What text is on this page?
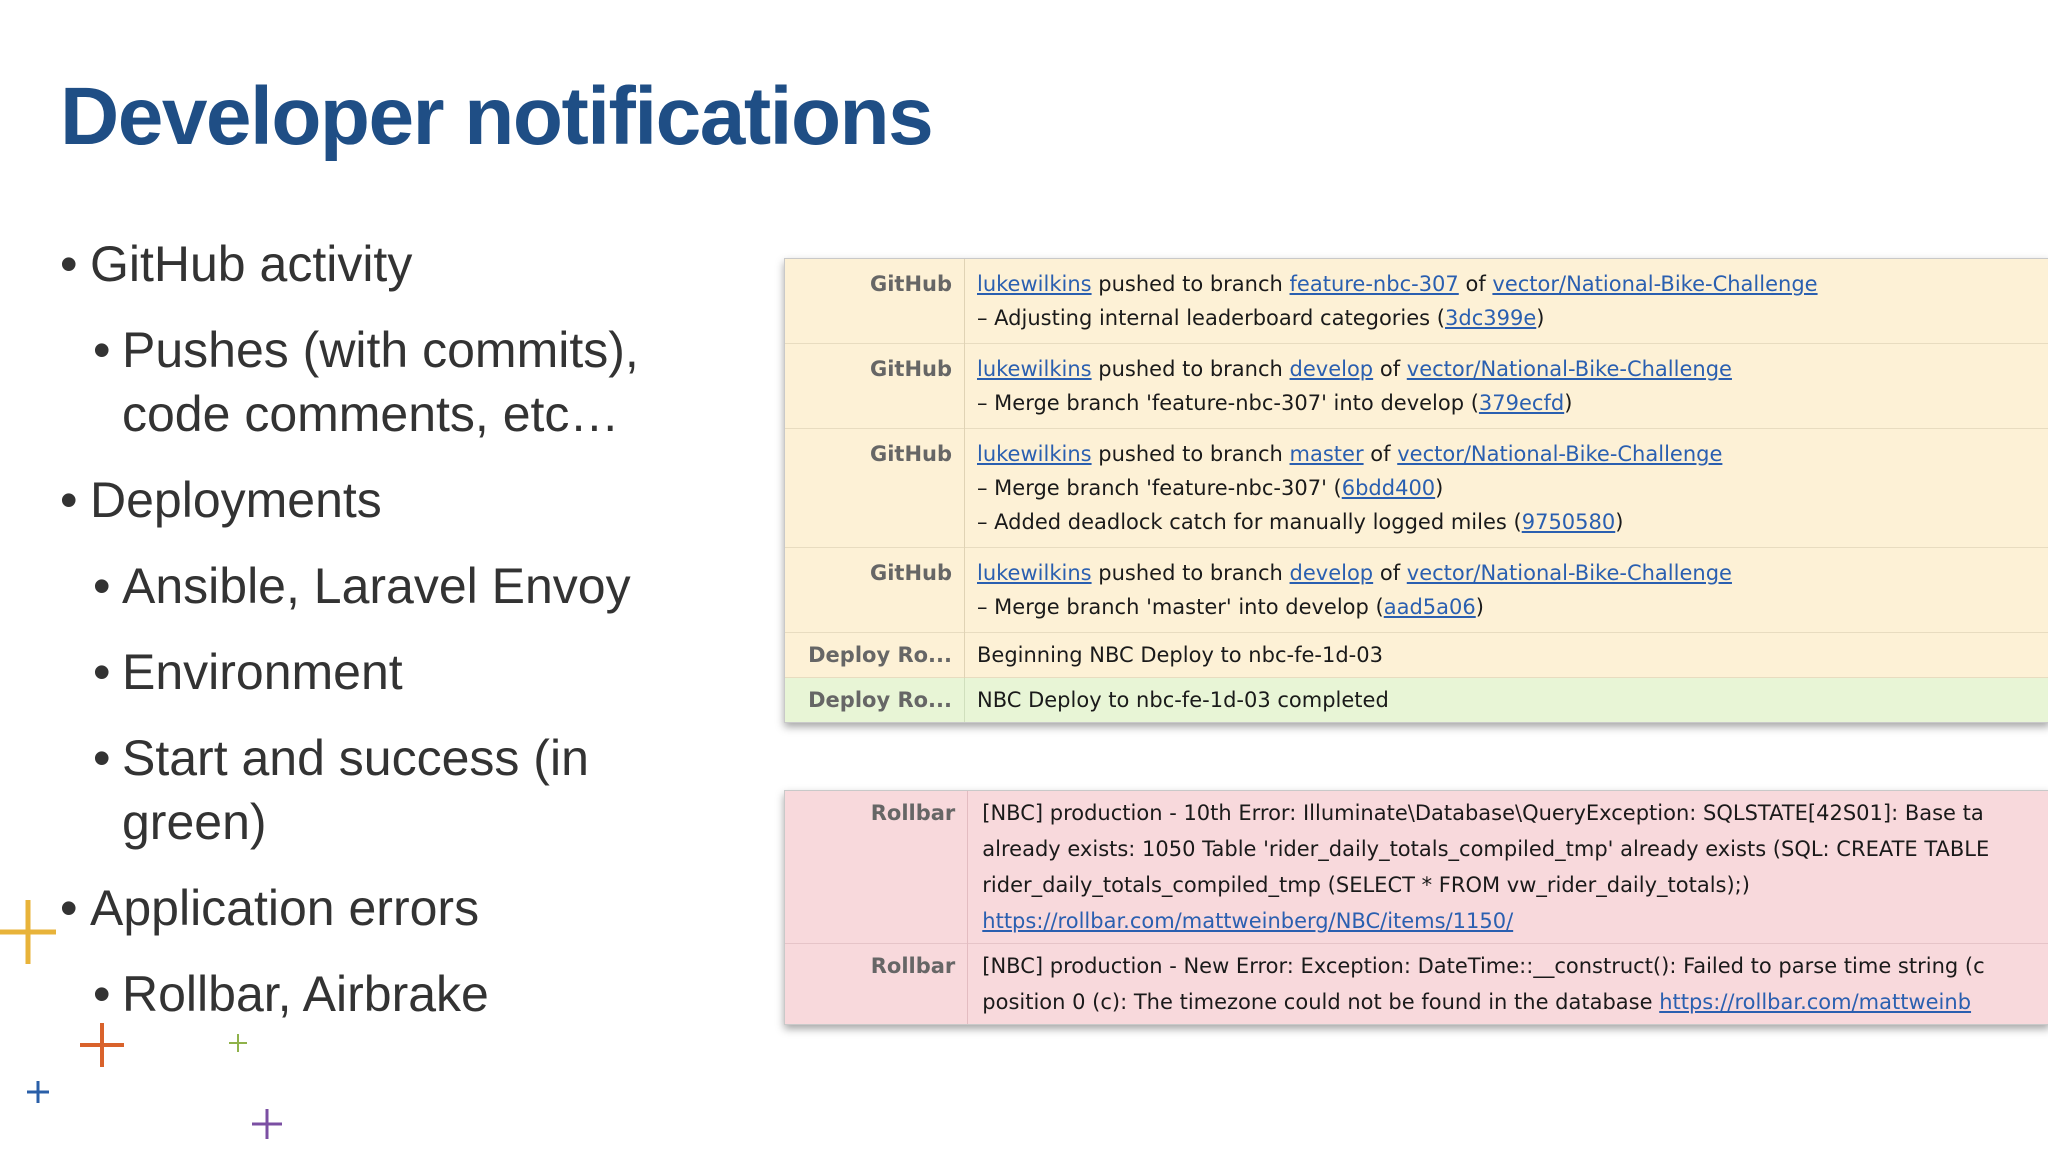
Developer notifications
• GitHub activity
• Pushes (with commits),
code comments, etc…
• Deployments
• Ansible, Laravel Envoy
• Environment
• Start and success (in
green)
• Application errors
• Rollbar, Airbrake
GitHub	lukewilkins pushed to branch feature-nbc-307 of vector/National-Bike-Challenge
– Adjusting internal leaderboard categories (3dc399e)
GitHub	lukewilkins pushed to branch develop of vector/National-Bike-Challenge
– Merge branch 'feature-nbc-307' into develop (379ecfd)
GitHub	lukewilkins pushed to branch master of vector/National-Bike-Challenge
– Merge branch 'feature-nbc-307' (6bdd400)
– Added deadlock catch for manually logged miles (9750580)
GitHub	lukewilkins pushed to branch develop of vector/National-Bike-Challenge
– Merge branch 'master' into develop (aad5a06)
Deploy Ro...	Beginning NBC Deploy to nbc-fe-1d-03
Deploy Ro...	NBC Deploy to nbc-fe-1d-03 completed
Rollbar	[NBC] production - 10th Error: Illuminate\Database\QueryException: SQLSTATE[42S01]: Base ta
already exists: 1050 Table 'rider_daily_totals_compiled_tmp' already exists (SQL: CREATE TABLE
rider_daily_totals_compiled_tmp (SELECT * FROM vw_rider_daily_totals);)
https://rollbar.com/mattweinberg/NBC/items/1150/

Rollbar	[NBC] production - New Error: Exception: DateTime::__construct(): Failed to parse time string (c
position 0 (c): The timezone could not be found in the database https://rollbar.com/mattweinb
